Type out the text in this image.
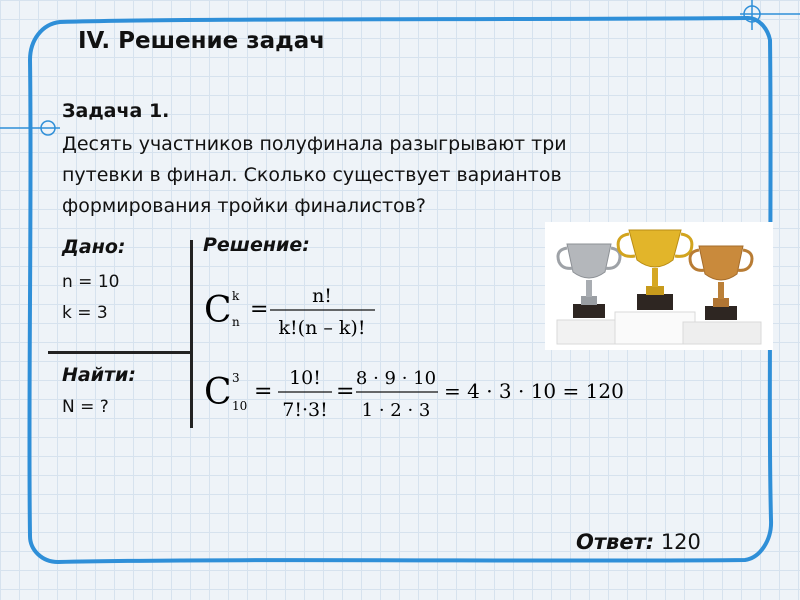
IV. Решение задач
Задача 1.
Десять участников полуфинала разыгрывают три
путевки в финал. Сколько существует вариантов
формирования тройки финалистов?
Дано:
n = 10
k = 3
Найти:
N = ?
Решение:
C k
n =
n!
k!(n – k)!
C 3
10
=
10!
7!·3!
=
8 · 9 · 10
1 · 2 · 3
= 4 · 3 · 10 = 120
Ответ: 120
